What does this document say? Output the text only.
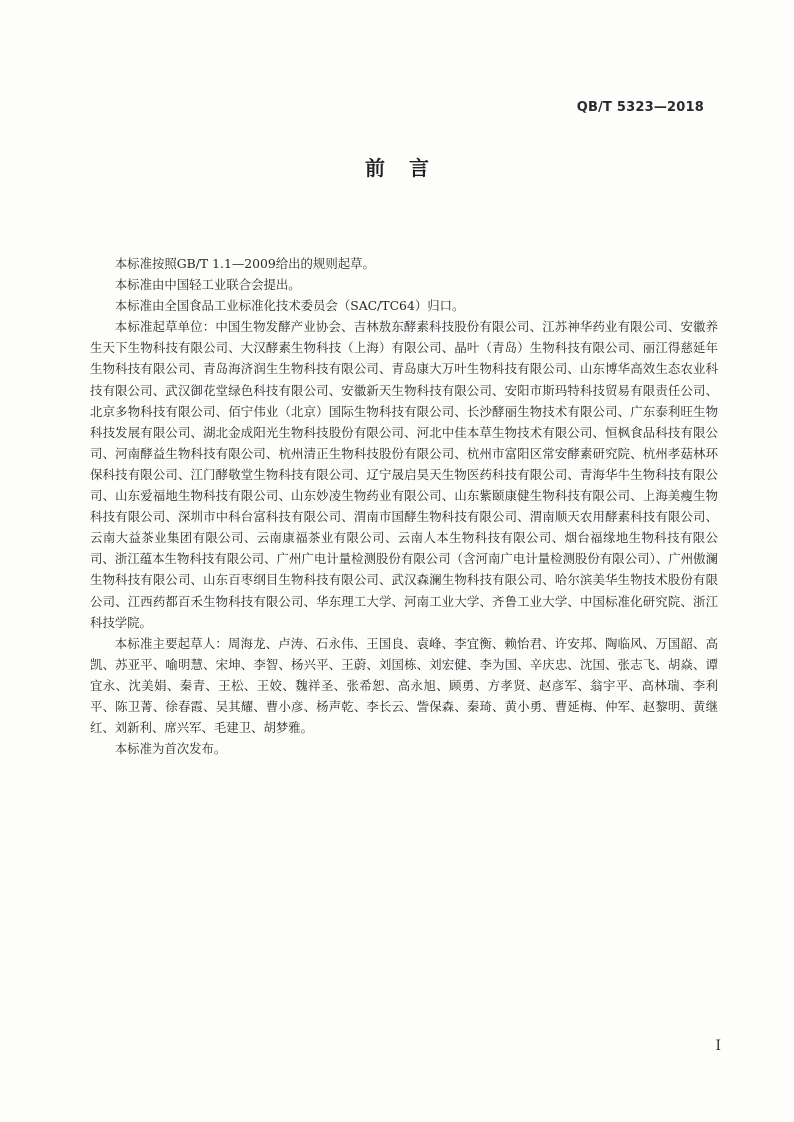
QB/T 5323—2018
前言

本标准按照GB/T 1.1—2009给出的规则起草。

本标准由中国轻工业联合会提出。

本标准由全国食品工业标准化技术委员会（SAC/TC64）归口。

本标准起草单位：中国生物发酵产业协会、吉林敖东酵素科技股份有限公司、江苏神华药业有限公司、安徽养生天下生物科技有限公司、大汉酵素生物科技（上海）有限公司、晶叶（青岛）生物科技有限公司、丽江得慈延年生物科技有限公司、青岛海济润生生物科技有限公司、青岛康大万叶生物科技有限公司、山东博华高效生态农业科技有限公司、武汉御花堂绿色科技有限公司、安徽新天生物科技有限公司、安阳市斯玛特科技贸易有限责任公司、北京多物科技有限公司、佰宁伟业（北京）国际生物科技有限公司、长沙酵丽生物技术有限公司、广东泰利旺生物科技发展有限公司、湖北金成阳光生物科技股份有限公司、河北中佳本草生物技术有限公司、恒枫食品科技有限公司、河南酵益生物科技有限公司、杭州清正生物科技股份有限公司、杭州市富阳区常安酵素研究院、杭州孝菇林环保科技有限公司、江门酵敬堂生物科技有限公司、辽宁晟启昊天生物医药科技有限公司、青海华牛生物科技有限公司、山东爱福地生物科技有限公司、山东妙凌生物药业有限公司、山东紫颐康健生物科技有限公司、上海美瘦生物科技有限公司、深圳市中科台富科技有限公司、渭南市国酵生物科技有限公司、渭南顺天农用酵素科技有限公司、云南大益茶业集团有限公司、云南康福茶业有限公司、云南人本生物科技有限公司、烟台福缘地生物科技有限公司、浙江蕴本生物科技有限公司、广州广电计量检测股份有限公司（含河南广电计量检测股份有限公司）、广州傲澜生物科技有限公司、山东百枣纲目生物科技有限公司、武汉森澜生物科技有限公司、哈尔滨美华生物技术股份有限公司、江西药都百禾生物科技有限公司、华东理工大学、河南工业大学、齐鲁工业大学、中国标准化研究院、浙江科技学院。

本标准主要起草人：周海龙、卢涛、石永伟、王国良、袁峰、李宜衡、赖怡君、许安邦、陶临风、万国韶、高凯、苏亚平、喻明慧、宋坤、李智、杨兴平、王蔚、刘国栋、刘宏健、李为国、辛庆忠、沈国、张志飞、胡焱、谭宜永、沈美娟、秦青、王松、王姣、魏祥圣、张希恕、高永旭、顾勇、方孝贤、赵彦军、翁宇平、高林瑞、李利平、陈卫菁、徐春霞、吴其耀、曹小彦、杨声乾、李长云、訾保森、秦琦、黄小勇、曹延梅、仲军、赵黎明、黄继红、刘新利、席兴军、毛建卫、胡梦雅。

本标准为首次发布。

I
